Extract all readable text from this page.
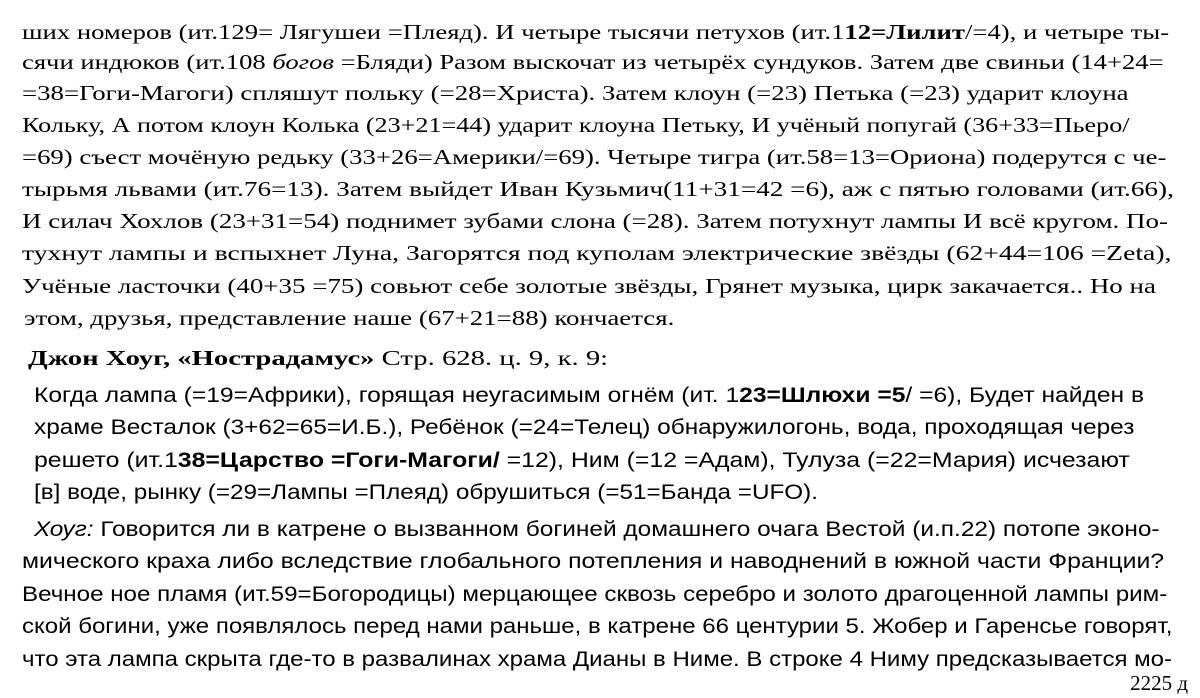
ших номеров (ит.129= Лягушеи =Плеяд). И четыре тысячи петухов (ит.112=Лилит/=4), и четыре ты-
сячи индюков (ит.108 богов =Бляди) Разом выскочат из четырёх сундуков. Затем две свиньи (14+24=
=38=Гоги-Магоги) спляшут польку (=28=Христа). Затем клоун (=23) Петька (=23) ударит клоуна
Кольку, А потом клоун Колька (23+21=44) ударит клоуна Петьку, И учёный попугай (36+33=Пьеро/
=69) съест мочёную редьку (33+26=Америки/=69). Четыре тигра (ит.58=13=Ориона) подерутся с че-
тырьмя львами (ит.76=13). Затем выйдет Иван Кузьмич(11+31=42 =6), аж с пятью головами (ит.66),
И силач Хохлов (23+31=54) поднимет зубами слона (=28). Затем потухнут лампы И всё кругом. По-
тухнут лампы и вспыхнет Луна, Загорятся под куполам электрические звёзды (62+44=106 =Zeta),
Учёные ласточки (40+35 =75) совьют себе золотые звёзды, Грянет музыка, цирк закачается.. Но на
этом, друзья, представление наше (67+21=88) кончается.
Джон Хоуг, «Нострадамус» Стр. 628. ц. 9, к. 9:
Когда лампа (=19=Африки), горящая неугасимым огнём (ит. 123=Шлюхи =5/ =6), Будет найден в
храме Весталок (3+62=65=И.Б.), Ребёнок (=24=Телец) обнаружилогонь, вода, проходящая через
решето (ит.138=Царство =Гоги-Магоги/ =12), Ним (=12 =Адам), Тулуза (=22=Мария) исчезают
[в] воде, рынку (=29=Лампы =Плеяд) обрушиться (=51=Банда =UFO).
Хоуг: Говорится ли в катрене о вызванном богиней домашнего очага Вестой (и.п.22) потопе эконо-
мического краха либо вследствие глобального потепления и наводнений в южной части Франции?
Вечное ное пламя (ит.59=Богородицы) мерцающее сквозь серебро и золото драгоценной лампы рим-
ской богини, уже появлялось перед нами раньше, в катрене 66 центурии 5. Жобер и Гаренсье говорят,
что эта лампа скрыта где-то в развалинах храма Дианы в Ниме. В строке 4 Ниму предсказывается мо-
2225 д
